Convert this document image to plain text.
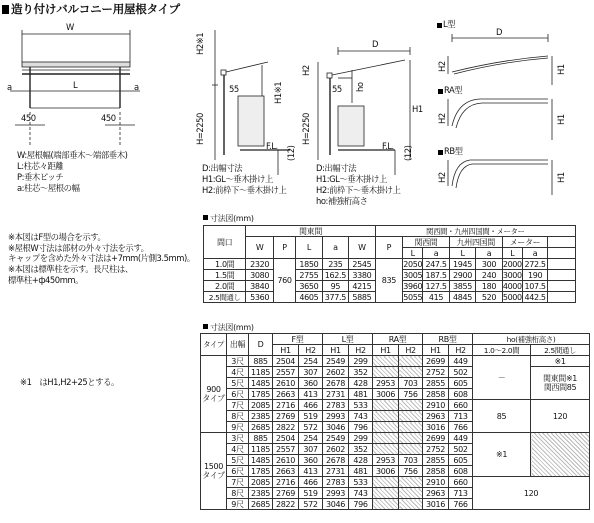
造り付けバルコニー用屋根タイプ
W
L
a	a
450	450
H2※1
H=2250
H1※1
55
(12)
F.L.
D
H2
H=2250
H1
55 ho
(12)
F.L.
L型
D
H2	H1
RA型
H2	H1
RB型
H2	H1
W:屋根幅(端部垂木～端部垂木)
L:柱芯々距離
P:垂木ピッチ
a:柱芯～屋根の幅
D:出幅寸法
H1:GL～垂木掛け上
H2:前枠下～垂木掛け上
D:出幅寸法
H1:GL～垂木掛け上
H2:前枠下～垂木掛け上
ho:補強桁高さ
※本図はF型の場合を示す。
※屋根W寸法は部材の外々寸法を示す。
キャップを含めた外々寸法は+7mm(片側3.5mm)。
※本図は標準柱を示す。長尺柱は、
標準柱+ф450mm。
※1　はH1,H2+25とする。
寸法図(mm)
間口	関東間					関西間・九州四国間・メーター							
	W	P	L	a	W	P	関西間		九州四国間		メーター		
							L	a	L	a	L	a	
1.0間	2320	760	1850	235	2545	835	2050	247.5	1945	300	2000	272.5	
1.5間	3080		2755	162.5	3380		3005	187.5	2900	240	3000	190	
2.0間	3840		3650	95	4215		3960	127.5	3855	180	4000	107.5	
2.5間通し	5360		4605	377.5	5885		5055	415	4845	520	5000	442.5	
寸法図(mm)
タイプ	出幅	D	F型		L型		RA型		RB型		ho(補強桁高さ)	
			H1	H2	H1	H2	H1	H2	H1	H2	1.0～2.0間	2.5間通し

900
タイプ	3尺	885	2504	254	2549	299			2699	449	－	※1
	4尺	1185	2557	307	2602	352			2752	502		関東間※1
関西間85

	5尺	1485	2610	360	2678	428	2953	703	2855	605		
	6尺	1785	2663	413	2731	481	3006	756	2858	608		
	7尺	2085	2716	466	2783	533			2910	660	85	120
	8尺	2385	2769	519	2993	743			2963	713		
	9尺	2685	2822	572	3046	796			3016	766		

1500
タイプ	3尺	885	2504	254	2549	299			2699	449	※1	
	4尺	1185	2557	307	2602	352			2752	502		
	5尺	1485	2610	360	2678	428	2953	703	2855	605		
	6尺	1785	2663	413	2731	481	3006	756	2858	608		
	7尺	2085	2716	466	2783	533			2910	660	120	
	8尺	2385	2769	519	2993	743			2963	713		
	9尺	2685	2822	572	3046	796			3016	766		
